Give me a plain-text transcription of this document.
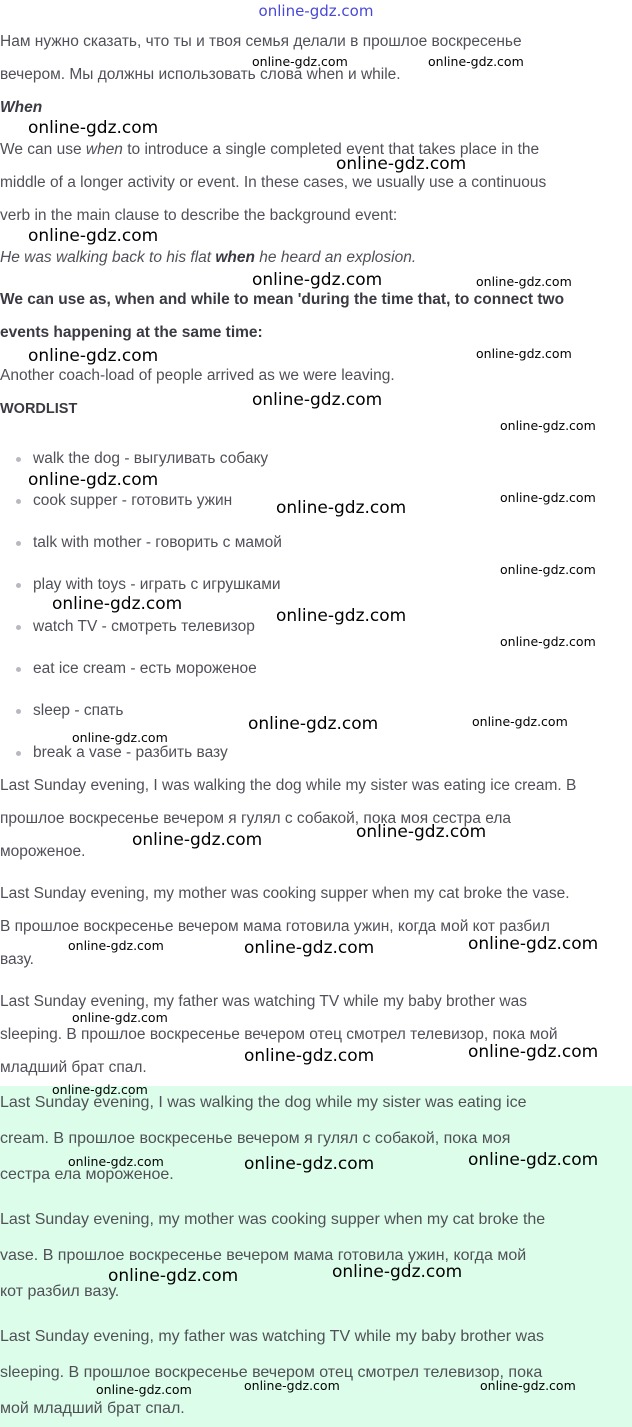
online-gdz.com
Нам нужно сказать, что ты и твоя семья делали в прошлое воскресенье
вечером. Мы должны использовать слова when и while.
When
We can use when to introduce a single completed event that takes place in the
middle of a longer activity or event. In these cases, we usually use a continuous
verb in the main clause to describe the background event:
He was walking back to his flat when he heard an explosion.
We can use as, when and while to mean 'during the time that, to connect two
events happening at the same time:
Another coach-load of people arrived as we were leaving.
WORDLIST
walk the dog - выгуливать собаку
cook supper - готовить ужин
talk with mother - говорить с мамой
play with toys - играть с игрушками
watch TV - смотреть телевизор
eat ice cream - есть мороженое
sleep - спать
break a vase - разбить вазу
Last Sunday evening, I was walking the dog while my sister was eating ice cream. В
прошлое воскресенье вечером я гулял с собакой, пока моя сестра ела
мороженое.
Last Sunday evening, my mother was cooking supper when my cat broke the vase.
В прошлое воскресенье вечером мама готовила ужин, когда мой кот разбил
вазу.
Last Sunday evening, my father was watching TV while my baby brother was
sleeping. В прошлое воскресенье вечером отец смотрел телевизор, пока мой
младший брат спал.
Last Sunday evening, I was walking the dog while my sister was eating ice
cream. В прошлое воскресенье вечером я гулял с собакой, пока моя
сестра ела мороженое.
Last Sunday evening, my mother was cooking supper when my cat broke the
vase. В прошлое воскресенье вечером мама готовила ужин, когда мой
кот разбил вазу.
Last Sunday evening, my father was watching TV while my baby brother was
sleeping. В прошлое воскресенье вечером отец смотрел телевизор, пока
мой младший брат спал.
online-gdz.com	online-gdz.com
online-gdz.com
online-gdz.com
online-gdz.com
online-gdz.com	online-gdz.com
online-gdz.com	online-gdz.com
online-gdz.com
online-gdz.com
online-gdz.com
online-gdz.com
online-gdz.com
online-gdz.com
online-gdz.com
online-gdz.com
online-gdz.com
online-gdz.com	online-gdz.com
online-gdz.com
online-gdz.com
online-gdz.com
online-gdz.com	online-gdz.com	online-gdz.com
online-gdz.com
online-gdz.com	online-gdz.com
online-gdz.com
online-gdz.com	online-gdz.com	online-gdz.com
online-gdz.com	online-gdz.com
online-gdz.com	online-gdz.com	online-gdz.com
